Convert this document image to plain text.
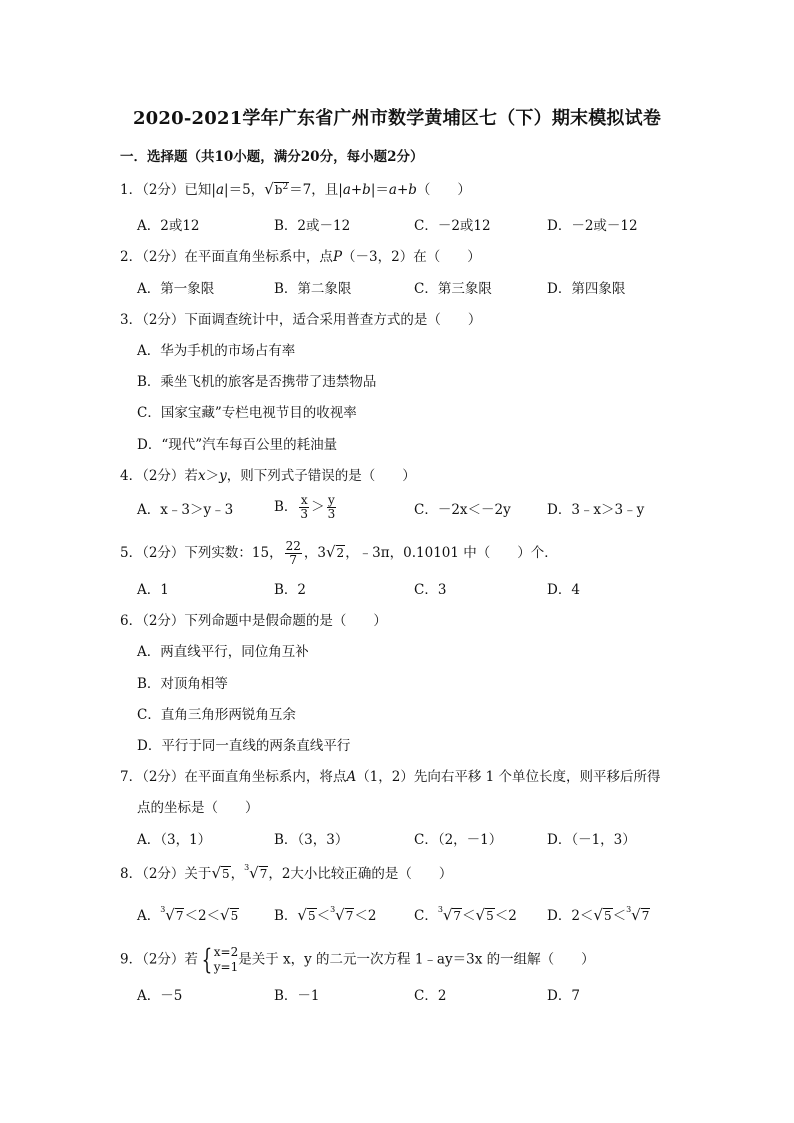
2020-2021学年广东省广州市数学黄埔区七（下）期末模拟试卷
一．选择题（共10小题，满分20分，每小题2分）
1．（2分）已知|a|＝5，$√b^2=7$，且|a+b|＝a+b（　　）
A．2或12	B．2或－12	C．－2或12	D．－2或－12
2．（2分）在平面直角坐标系中，点P（－3，2）在（　　）
A．第一象限	B．第二象限	C．第三象限	D．第四象限
3．（2分）下面调查统计中，适合采用普查方式的是（　　）
A．华为手机的市场占有率
B．乘坐飞机的旅客是否携带了违禁物品
C．国家宝藏”专栏电视节目的收视率
D．“现代”汽车每百公里的耗油量
4．（2分）若x＞y，则下列式子错误的是（　　）
A．x﹣3＞y﹣3	B． $\frac{x}{3} > \frac{y}{3}$	C．－2x＜－2y	D．3﹣x＞3﹣y
5．（2分）下列实数：15， $\frac{22}{7}$ ，3√2，﹣3π，0.10101 中（　　）个．
A．1	B．2	C．3	D．4
6．（2分）下列命题中是假命题的是（　　）
A．两直线平行，同位角互补
B．对顶角相等
C．直角三角形两锐角互余
D．平行于同一直线的两条直线平行
7．（2分）在平面直角坐标系内，将点A（1，2）先向右平移 1 个单位长度，则平移后所得
点的坐标是（　　）
A．（3，1）	B．（3，3）	C．（2，－1）	D．（－1，3）
8．（2分）关于√5， 3 √7，2大小比较正确的是（　　）
A． 3 √7＜2＜√5	B．√5＜ 3 √7＜2	C． 3 √7＜√5＜2 D．2＜√5＜ 3 √7
9．（2分）若 { x=2
y=1 是关于 x，y 的二元一次方程 1﹣ay＝3x 的一组解（　　）
A．－5	B．－1	C．2	D．7
